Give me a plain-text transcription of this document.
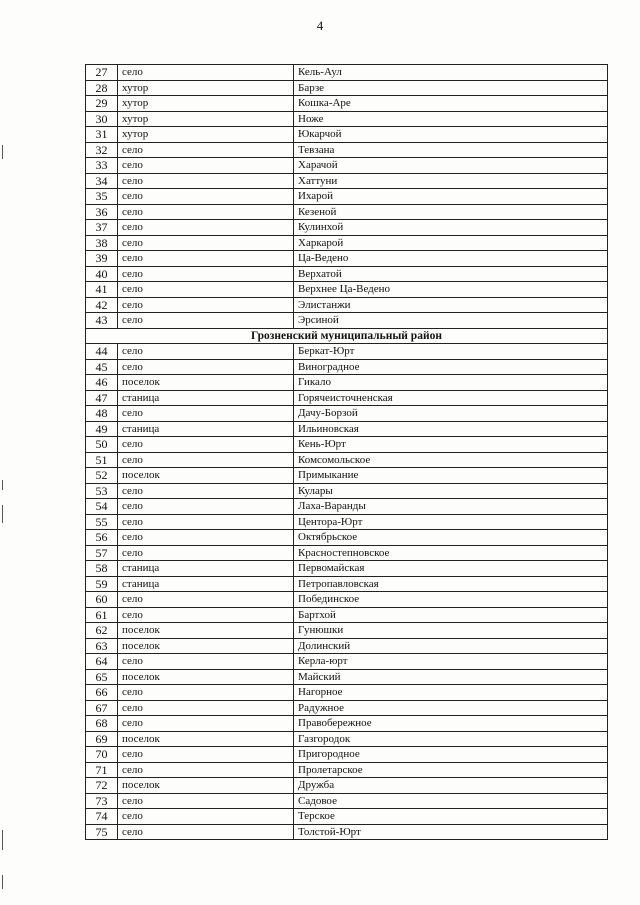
4
27	село	Кель-Аул
28	хутор	Барзе
29	хутор	Кошка-Аре
30	хутор	Ноже
31	хутор	Юкарчой
32	село	Тевзана
33	село	Харачой
34	село	Хаттуни
35	село	Ихарой
36	село	Кезеной
37	село	Кулинхой
38	село	Харкарой
39	село	Ца-Ведено
40	село	Верхатой
41	село	Верхнее Ца-Ведено
42	село	Элистанжи
43	село	Эрсиной
Грозненский муниципальный район		
44	село	Беркат-Юрт
45	село	Виноградное
46	поселок	Гикало
47	станица	Горячеисточненская
48	село	Дачу-Борзой
49	станица	Ильиновская
50	село	Кень-Юрт
51	село	Комсомольское
52	поселок	Примыкание
53	село	Кулары
54	село	Лаха-Варанды
55	село	Центора-Юрт
56	село	Октябрьское
57	село	Красностепновское
58	станица	Первомайская
59	станица	Петропавловская
60	село	Побединское
61	село	Бартхой
62	поселок	Гунюшки
63	поселок	Долинский
64	село	Керла-юрт
65	поселок	Майский
66	село	Нагорное
67	село	Радужное
68	село	Правобережное
69	поселок	Газгородок
70	село	Пригородное
71	село	Пролетарское
72	поселок	Дружба
73	село	Садовое
74	село	Терское
75	село	Толстой-Юрт
